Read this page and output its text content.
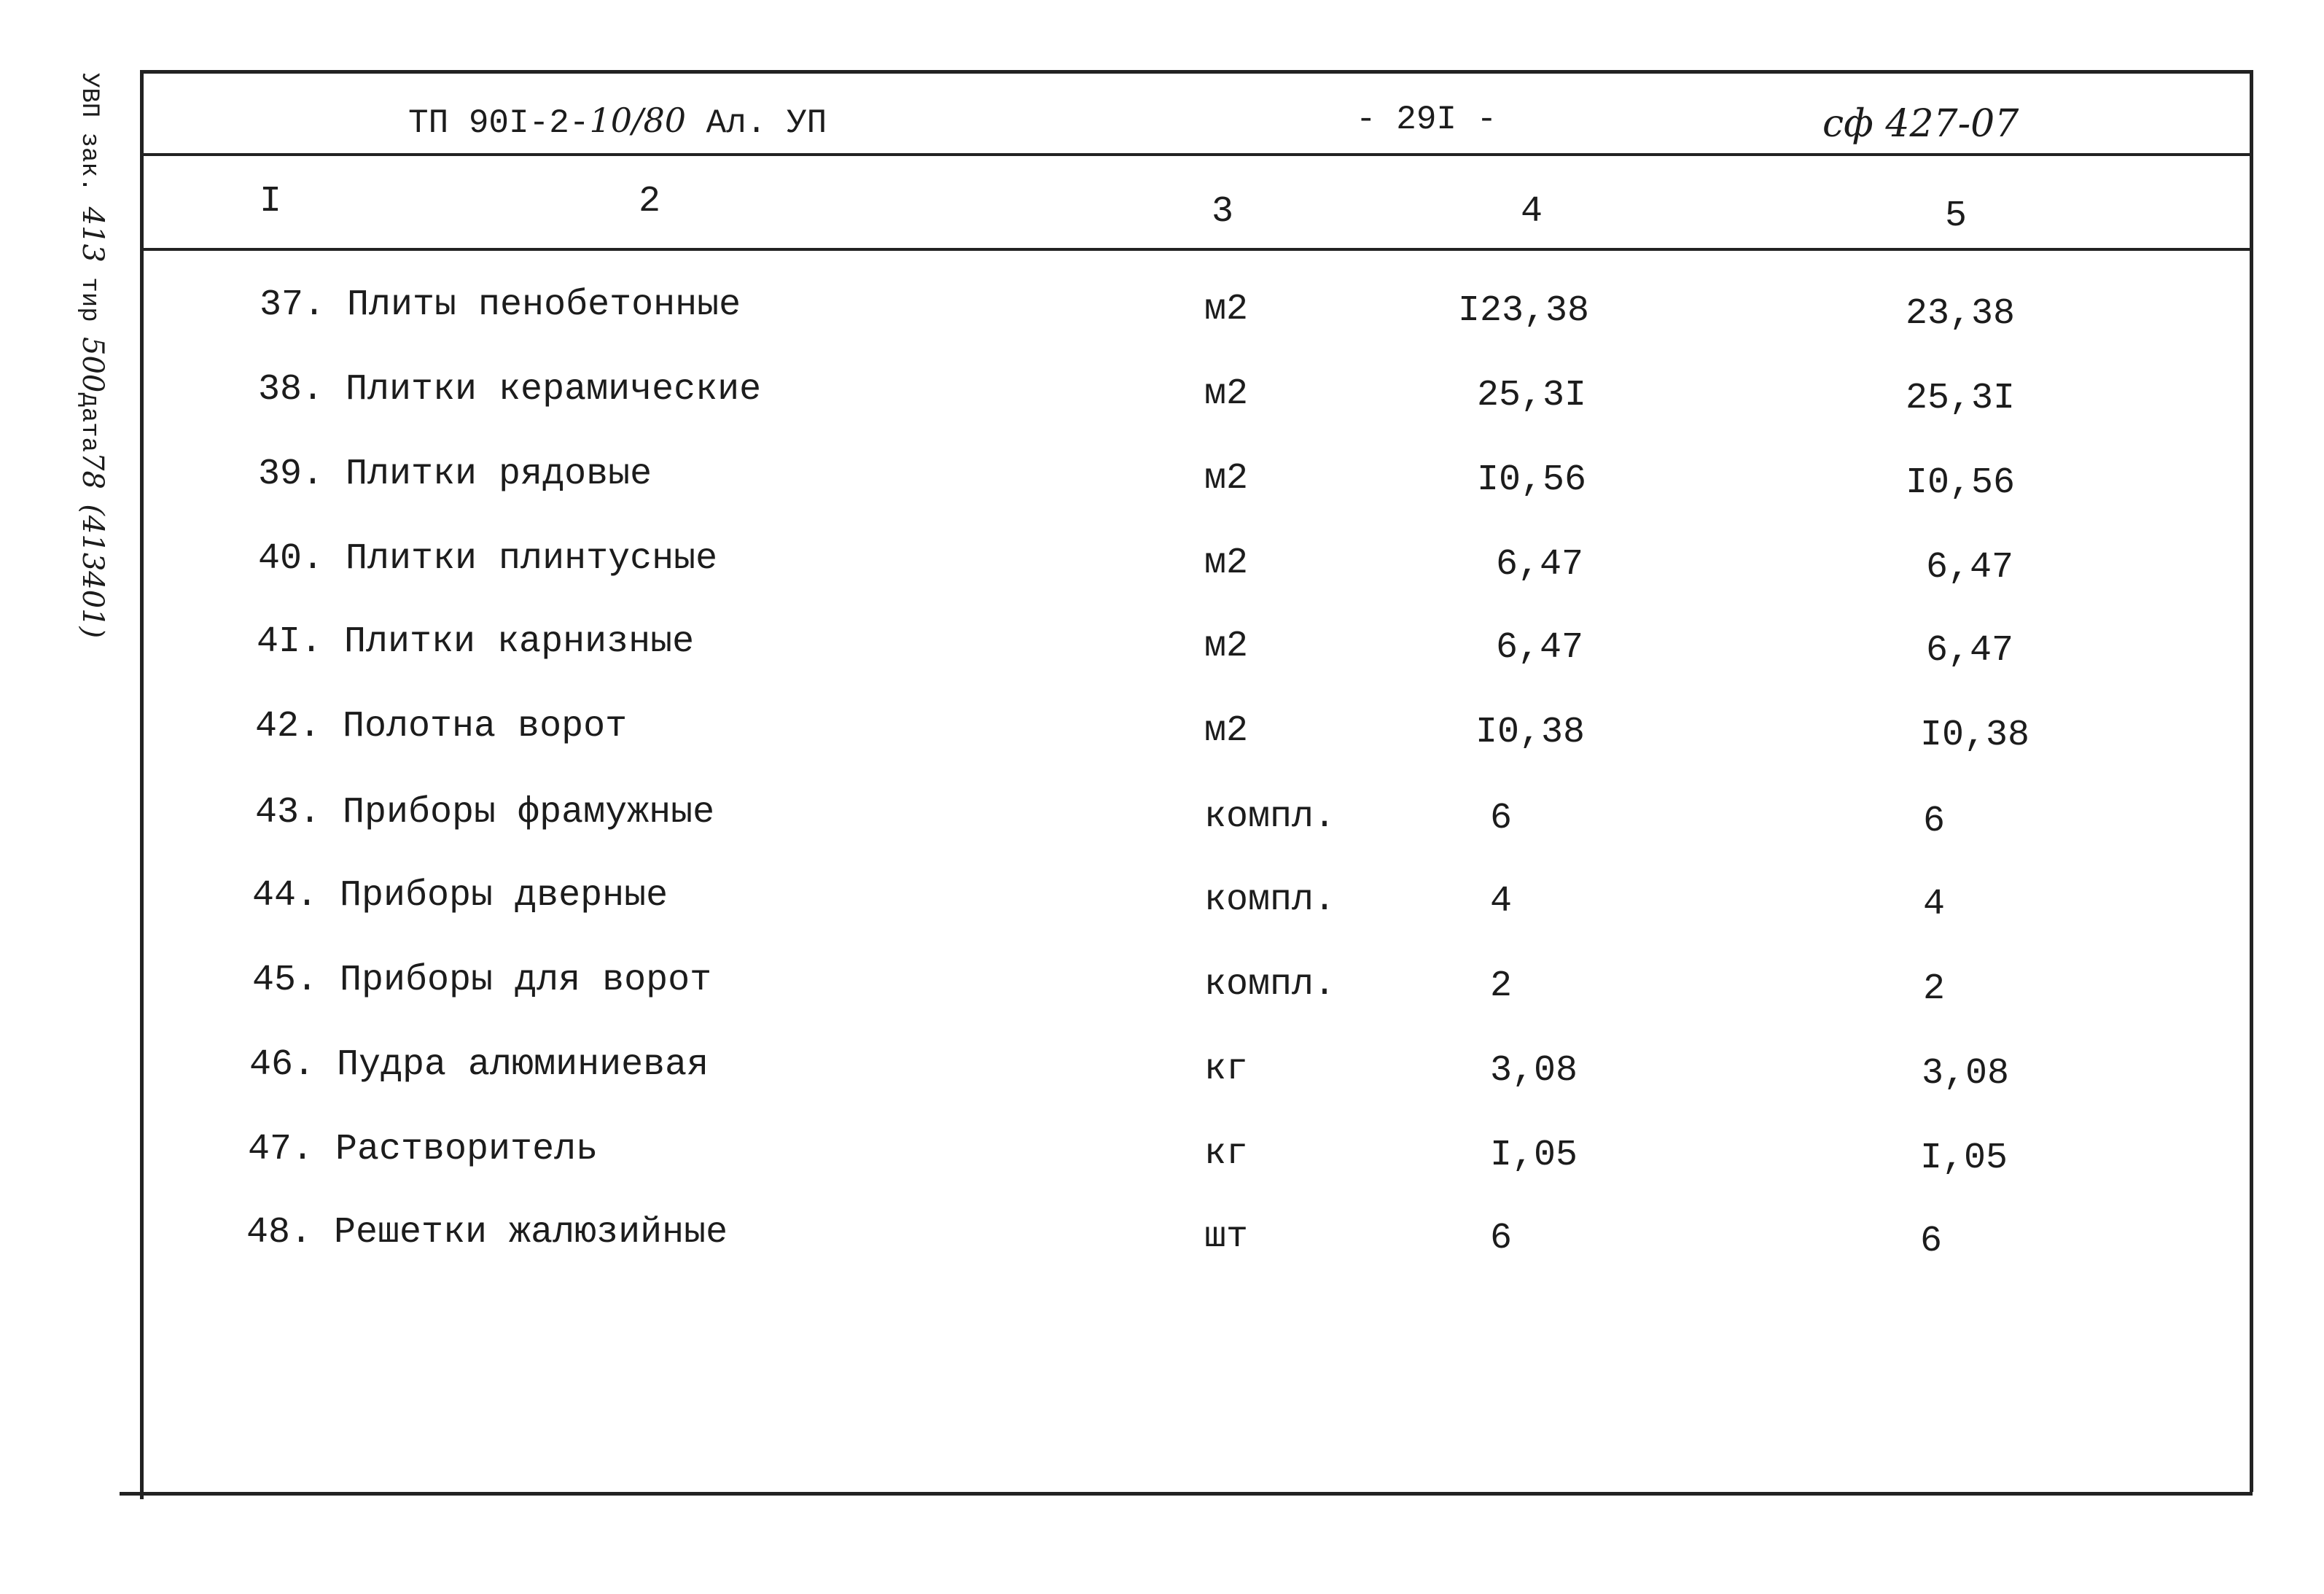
УВП зак. 413 тир 500дата78 (413401)
ТП 90I-2-10/80 Ал. УП	- 29I -	сф 427-07
I	2	3	4	5
37. Плиты пенобетонные	м2	I23,38	23,38
38. Плитки керамические	м2	25,3I	25,3I
39. Плитки рядовые	м2	I0,56	I0,56
40. Плитки плинтусные	м2	6,47	6,47
4I. Плитки карнизные	м2	6,47	6,47
42. Полотна ворот	м2	I0,38	I0,38
43. Приборы фрамужные	компл.	6	6
44. Приборы дверные	компл.	4	4
45. Приборы для ворот	компл.	2	2
46. Пудра алюминиевая	кг	3,08	3,08
47. Растворитель	кг	I,05	I,05
48. Решетки жалюзийные	шт	6	6
